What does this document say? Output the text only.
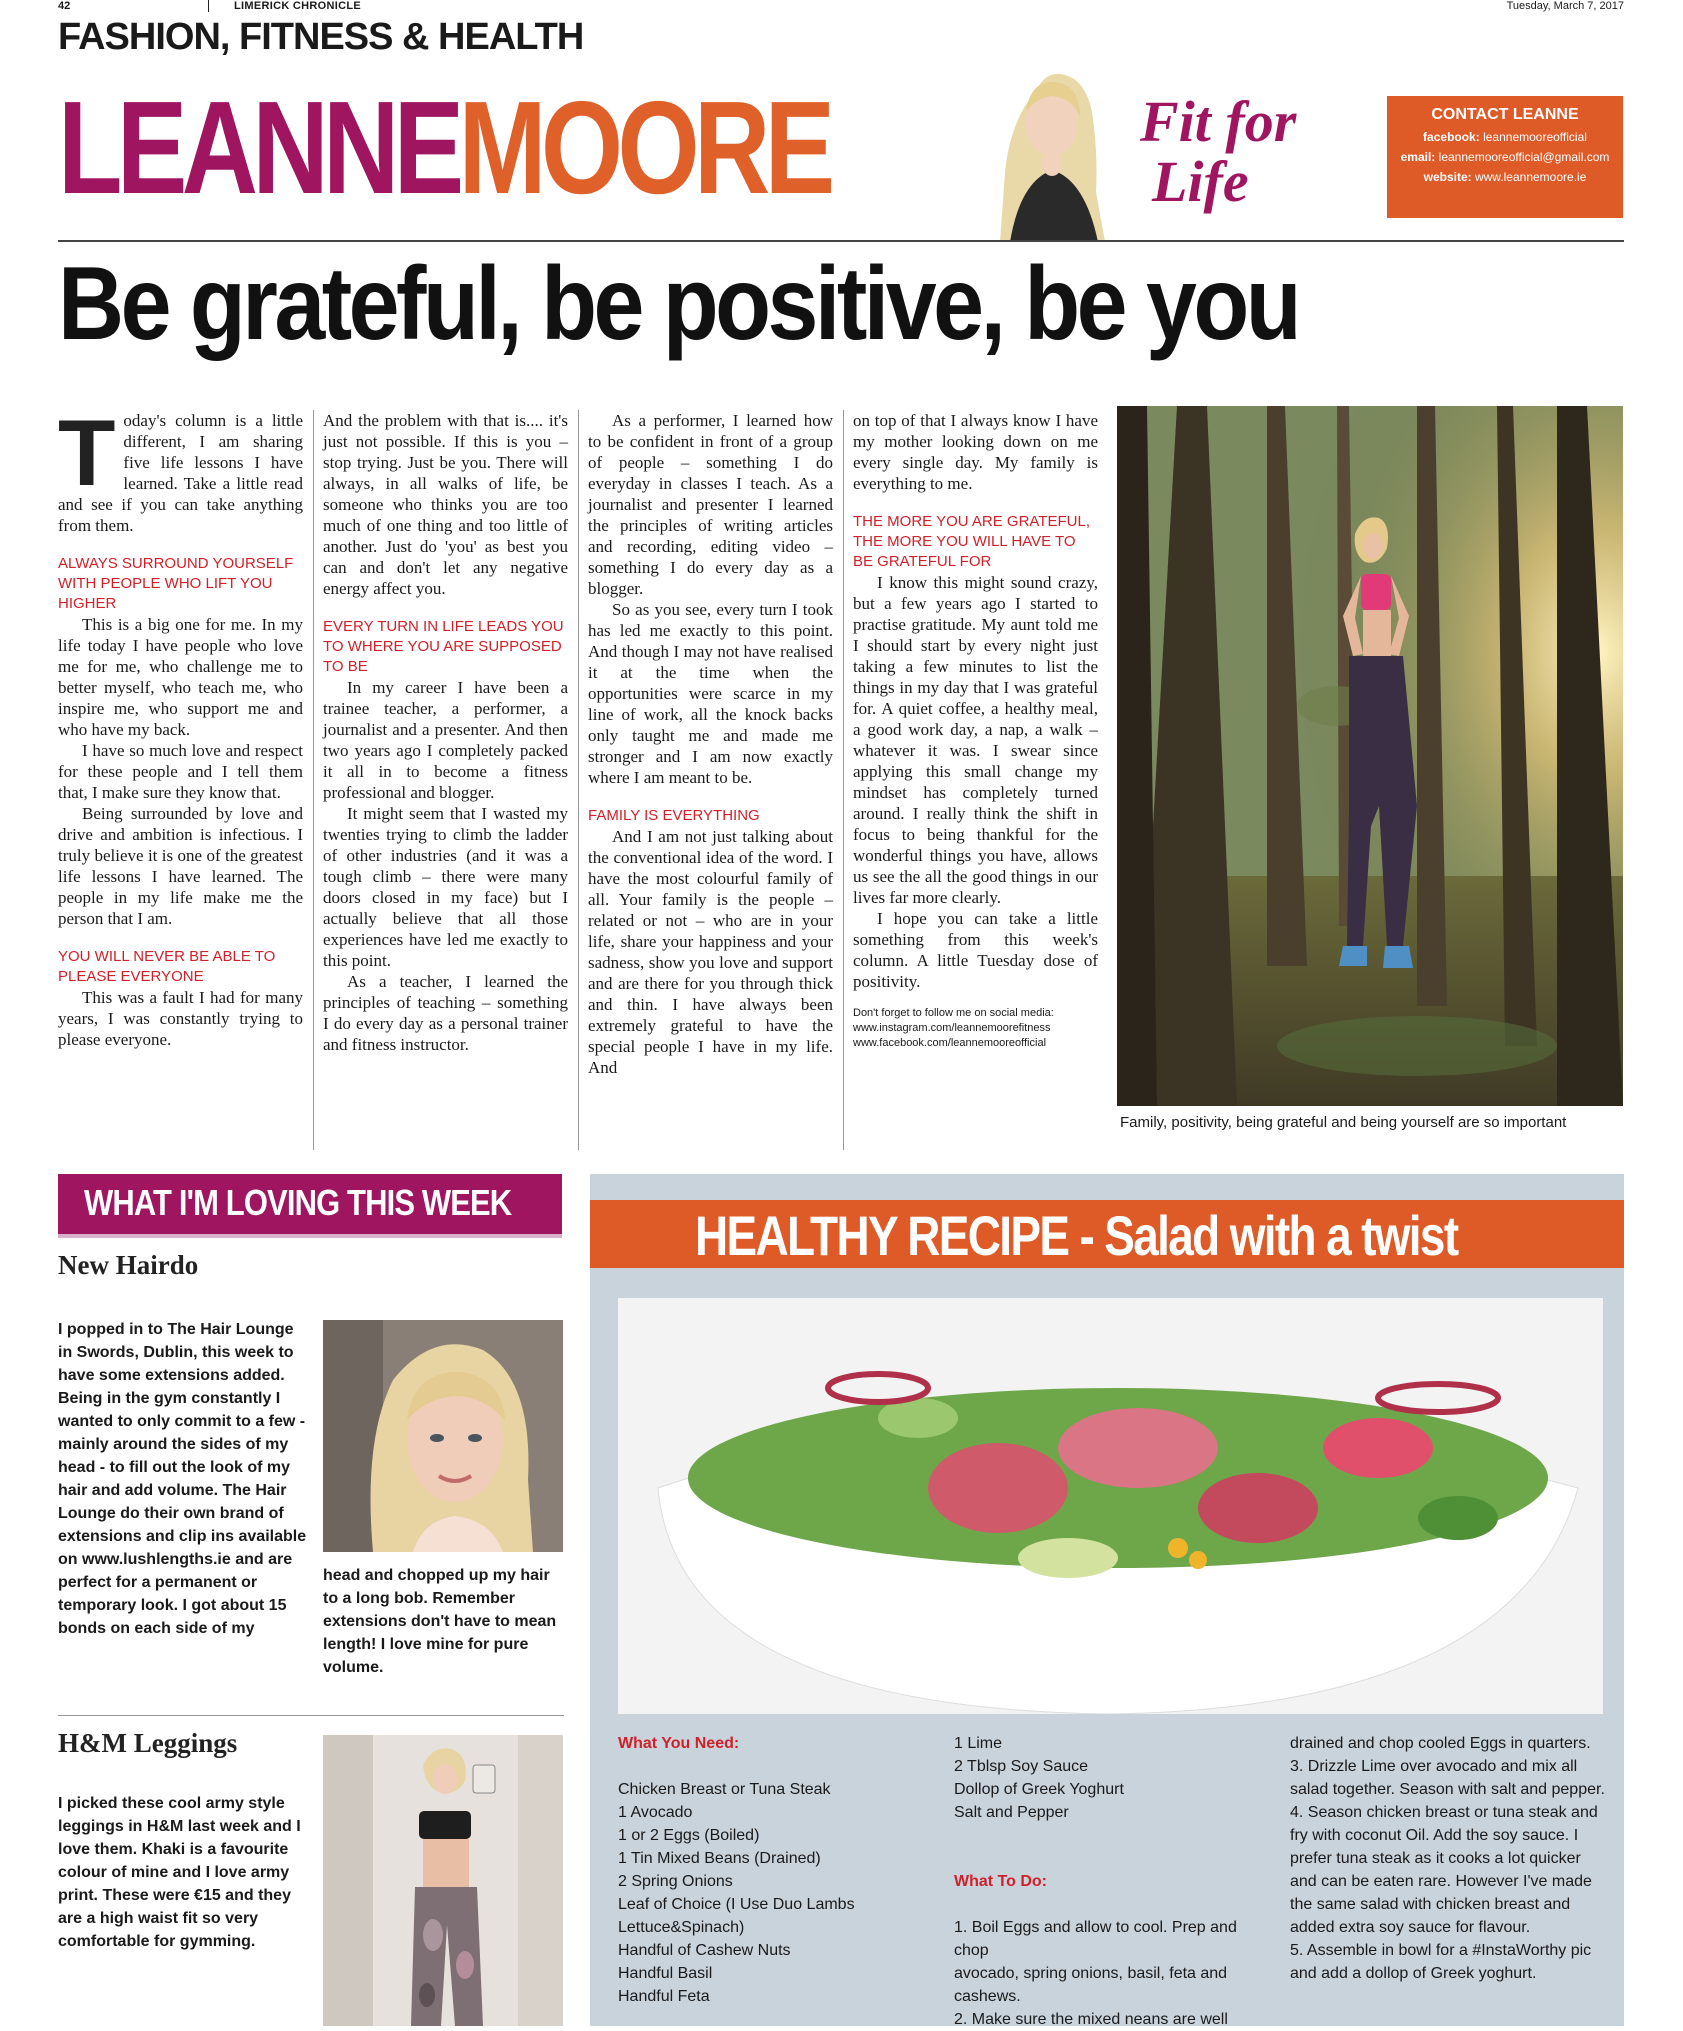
42	LIMERICK CHRONICLE	Tuesday, March 7, 2017
FASHION, FITNESS & HEALTH
LEANNEMOORE	Fit for
Life
CONTACT LEANNE
facebook: leannemooreofficial
email: leannemooreofficial@gmail.com
website: www.leannemoore.ie
Be grateful, be positive, be you

Today's column is a little different, I am sharing five life lessons I have learned. Take a little read and see if you can take anything from them.

ALWAYS SURROUND YOURSELF WITH PEOPLE WHO LIFT YOU HIGHER

This is a big one for me. In my life today I have people who love me for me, who challenge me to better myself, who teach me, who inspire me, who support me and who have my back.

I have so much love and respect for these people and I tell them that, I make sure they know that.

Being surrounded by love and drive and ambition is infectious. I truly believe it is one of the greatest life lessons I have learned. The people in my life make me the person that I am.

YOU WILL NEVER BE ABLE TO PLEASE EVERYONE

This was a fault I had for many years, I was constantly trying to please everyone.

And the problem with that is.... it's just not possible. If this is you – stop trying. Just be you. There will always, in all walks of life, be someone who thinks you are too much of one thing and too little of another. Just do 'you' as best you can and don't let any negative energy affect you.

EVERY TURN IN LIFE LEADS YOU TO WHERE YOU ARE SUPPOSED TO BE

In my career I have been a trainee teacher, a performer, a journalist and a presenter. And then two years ago I completely packed it all in to become a fitness professional and blogger.

It might seem that I wasted my twenties trying to climb the ladder of other industries (and it was a tough climb – there were many doors closed in my face) but I actually believe that all those experiences have led me exactly to this point.

As a teacher, I learned the principles of teaching – something I do every day as a personal trainer and fitness instructor.

As a performer, I learned how to be confident in front of a group of people – something I do everyday in classes I teach. As a journalist and presenter I learned the principles of writing articles and recording, editing video – something I do every day as a blogger.

So as you see, every turn I took has led me exactly to this point. And though I may not have realised it at the time when the opportunities were scarce in my line of work, all the knock backs only taught me and made me stronger and I am now exactly where I am meant to be.

FAMILY IS EVERYTHING

And I am not just talking about the conventional idea of the word. I have the most colourful family of all. Your family is the people – related or not – who are in your life, share your happiness and your sadness, show you love and support and are there for you through thick and thin. I have always been extremely grateful to have the special people I have in my life. And

on top of that I always know I have my mother looking down on me every single day. My family is everything to me.

THE MORE YOU ARE GRATEFUL, THE MORE YOU WILL HAVE TO BE GRATEFUL FOR

I know this might sound crazy, but a few years ago I started to practise gratitude. My aunt told me I should start by every night just taking a few minutes to list the things in my day that I was grateful for. A quiet coffee, a healthy meal, a good work day, a nap, a walk – whatever it was. I swear since applying this small change my mindset has completely turned around. I really think the shift in focus to being thankful for the wonderful things you have, allows us see the all the good things in our lives far more clearly.

I hope you can take a little something from this week's column. A little Tuesday dose of positivity.

Don't forget to follow me on social media:
www.instagram.com/leannemoorefitness
www.facebook.com/leannemooreofficial
Family, positivity, being grateful and being yourself are so important
WHAT I'M LOVING THIS WEEK
New Hairdo
I popped in to The Hair Lounge in Swords, Dublin, this week to have some extensions added. Being in the gym constantly I wanted to only commit to a few - mainly around the sides of my head - to fill out the look of my hair and add volume. The Hair Lounge do their own brand of extensions and clip ins available on www.lushlengths.ie and are perfect for a permanent or temporary look. I got about 15 bonds on each side of my
head and chopped up my hair to a long bob. Remember extensions don't have to mean length! I love mine for pure volume.
H&M Leggings
I picked these cool army style leggings in H&M last week and I love them. Khaki is a favourite colour of mine and I love army print. These were €15 and they are a high waist fit so very comfortable for gymming.
HEALTHY RECIPE - Salad with a twist
What You Need:
Chicken Breast or Tuna Steak
1 Avocado
1 or 2 Eggs (Boiled)
1 Tin Mixed Beans (Drained)
2 Spring Onions
Leaf of Choice (I Use Duo Lambs
Lettuce&Spinach)
Handful of Cashew Nuts
Handful Basil
Handful Feta
1 Lime
2 Tblsp Soy Sauce
Dollop of Greek Yoghurt
Salt and Pepper
What To Do:
1. Boil Eggs and allow to cool. Prep and chop
avocado, spring onions, basil, feta and
cashews.
2. Make sure the mixed neans are well
drained and chop cooled Eggs in quarters.
3. Drizzle Lime over avocado and mix all
salad together. Season with salt and pepper.
4. Season chicken breast or tuna steak and
fry with coconut Oil. Add the soy sauce. I
prefer tuna steak as it cooks a lot quicker
and can be eaten rare. However I've made
the same salad with chicken breast and
added extra soy sauce for flavour.
5. Assemble in bowl for a #InstaWorthy pic
and add a dollop of Greek yoghurt.
